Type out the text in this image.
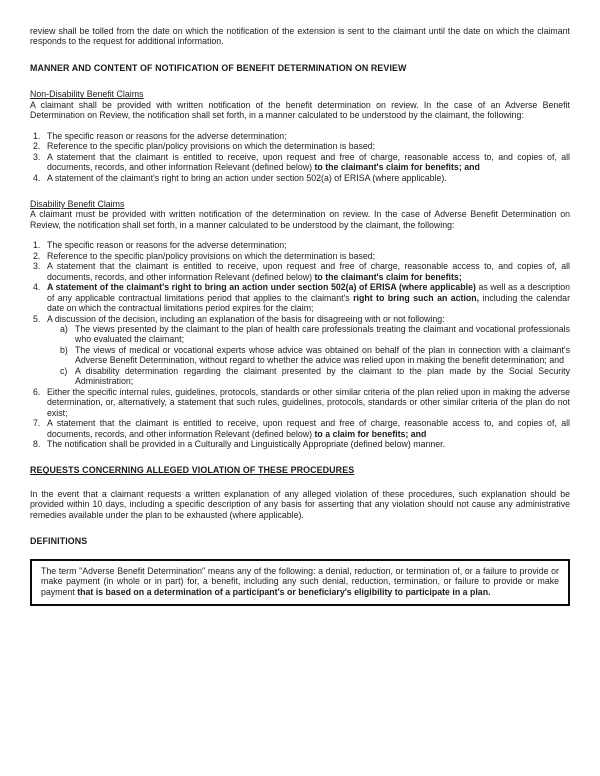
review shall be tolled from the date on which the notification of the extension is sent to the claimant until the date on which the claimant responds to the request for additional information.

MANNER AND CONTENT OF NOTIFICATION OF BENEFIT DETERMINATION ON REVIEW
Non-Disability Benefit Claims

A claimant shall be provided with written notification of the benefit determination on review. In the case of an Adverse Benefit Determination on Review, the notification shall set forth, in a manner calculated to be understood by the claimant, the following:

1. The specific reason or reasons for the adverse determination;
2. Reference to the specific plan/policy provisions on which the determination is based;
3. A statement that the claimant is entitled to receive, upon request and free of charge, reasonable access to, and copies of, all documents, records, and other information Relevant (defined below) to the claimant's claim for benefits; and
4. A statement of the claimant's right to bring an action under section 502(a) of ERISA (where applicable).
Disability Benefit Claims

A claimant must be provided with written notification of the determination on review. In the case of Adverse Benefit Determination on Review, the notification shall set forth, in a manner calculated to be understood by the claimant, the following:

1. The specific reason or reasons for the adverse determination;
2. Reference to the specific plan/policy provisions on which the determination is based;
3. A statement that the claimant is entitled to receive, upon request and free of charge, reasonable access to, and copies of, all documents, records, and other information Relevant (defined below) to the claimant's claim for benefits;
4. A statement of the claimant's right to bring an action under section 502(a) of ERISA (where applicable) as well as a description of any applicable contractual limitations period that applies to the claimant's right to bring such an action, including the calendar date on which the contractual limitations period expires for the claim;
5. A discussion of the decision, including an explanation of the basis for disagreeing with or not following:
a) The views presented by the claimant to the plan of health care professionals treating the claimant and vocational professionals who evaluated the claimant;
b) The views of medical or vocational experts whose advice was obtained on behalf of the plan in connection with a claimant's Adverse Benefit Determination, without regard to whether the advice was relied upon in making the benefit determination; and
c) A disability determination regarding the claimant presented by the claimant to the plan made by the Social Security Administration;
6. Either the specific internal rules, guidelines, protocols, standards or other similar criteria of the plan relied upon in making the adverse determination, or, alternatively, a statement that such rules, guidelines, protocols, standards or other similar criteria of the plan do not exist;
7. A statement that the claimant is entitled to receive, upon request and free of charge, reasonable access to, and copies of, all documents, records, and other information Relevant (defined below) to a claim for benefits; and
8. The notification shall be provided in a Culturally and Linguistically Appropriate (defined below) manner.
REQUESTS CONCERNING ALLEGED VIOLATION OF THESE PROCEDURES

In the event that a claimant requests a written explanation of any alleged violation of these procedures, such explanation should be provided within 10 days, including a specific description of any basis for asserting that any violation should not cause any administrative remedies available under the plan to be exhausted (where applicable).

DEFINITIONS

The term "Adverse Benefit Determination" means any of the following: a denial, reduction, or termination of, or a failure to provide or make payment (in whole or in part) for, a benefit, including any such denial, reduction, termination, or failure to provide or make payment that is based on a determination of a participant's or beneficiary's eligibility to participate in a plan.
